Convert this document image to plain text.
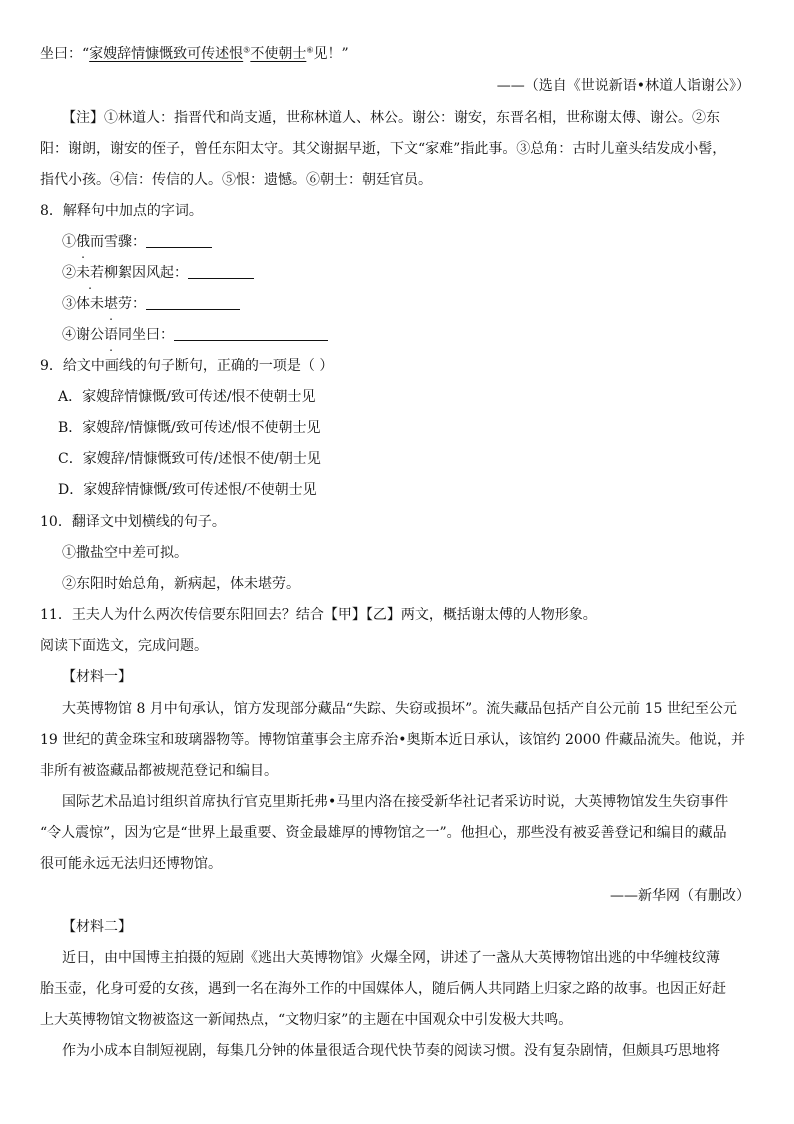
坐曰：“家嫂辞情慷慨致可传述恨⑤不使朝士⑥见！”
——（选自《世说新语•林道人诣谢公》）
【注】①林道人：指晋代和尚支遁，世称林道人、林公。谢公：谢安，东晋名相，世称谢太傅、谢公。②东
阳：谢朗，谢安的侄子，曾任东阳太守。其父谢据早逝，下文“家难”指此事。③总角：古时儿童头结发成小髻，
指代小孩。④信：传信的人。⑤恨：遗憾。⑥朝士：朝廷官员。
8．解释句中加点的字词。
①俄而雪骤：
②未若柳絮因风起：
③体未堪劳：
④谢公语同坐曰：
9．给文中画线的句子断句，正确的一项是（ ）
A．家嫂辞情慷慨/致可传述/恨不使朝士见
B．家嫂辞/情慷慨/致可传述/恨不使朝士见
C．家嫂辞/情慷慨致可传/述恨不使/朝士见
D．家嫂辞情慷慨/致可传述恨/不使朝士见
10．翻译文中划横线的句子。
①撒盐空中差可拟。
②东阳时始总角，新病起，体未堪劳。
11．王夫人为什么两次传信要东阳回去？结合【甲】【乙】两文，概括谢太傅的人物形象。
阅读下面选文，完成问题。
【材料一】
大英博物馆 8 月中旬承认，馆方发现部分藏品“失踪、失窃或损坏”。流失藏品包括产自公元前 15 世纪至公元
19 世纪的黄金珠宝和玻璃器物等。博物馆董事会主席乔治•奥斯本近日承认，该馆约 2000 件藏品流失。他说，并
非所有被盗藏品都被规范登记和编目。
国际艺术品追讨组织首席执行官克里斯托弗•马里内洛在接受新华社记者采访时说，大英博物馆发生失窃事件
“令人震惊”，因为它是“世界上最重要、资金最雄厚的博物馆之一”。他担心，那些没有被妥善登记和编目的藏品
很可能永远无法归还博物馆。
——新华网（有删改）
【材料二】
近日，由中国博主拍摄的短剧《逃出大英博物馆》火爆全网，讲述了一盏从大英博物馆出逃的中华缠枝纹薄
胎玉壶，化身可爱的女孩，遇到一名在海外工作的中国媒体人，随后俩人共同踏上归家之路的故事。也因正好赶
上大英博物馆文物被盗这一新闻热点，“文物归家”的主题在中国观众中引发极大共鸣。
作为小成本自制短视剧，每集几分钟的体量很适合现代快节奏的阅读习惯。没有复杂剧情，但颇具巧思地将
